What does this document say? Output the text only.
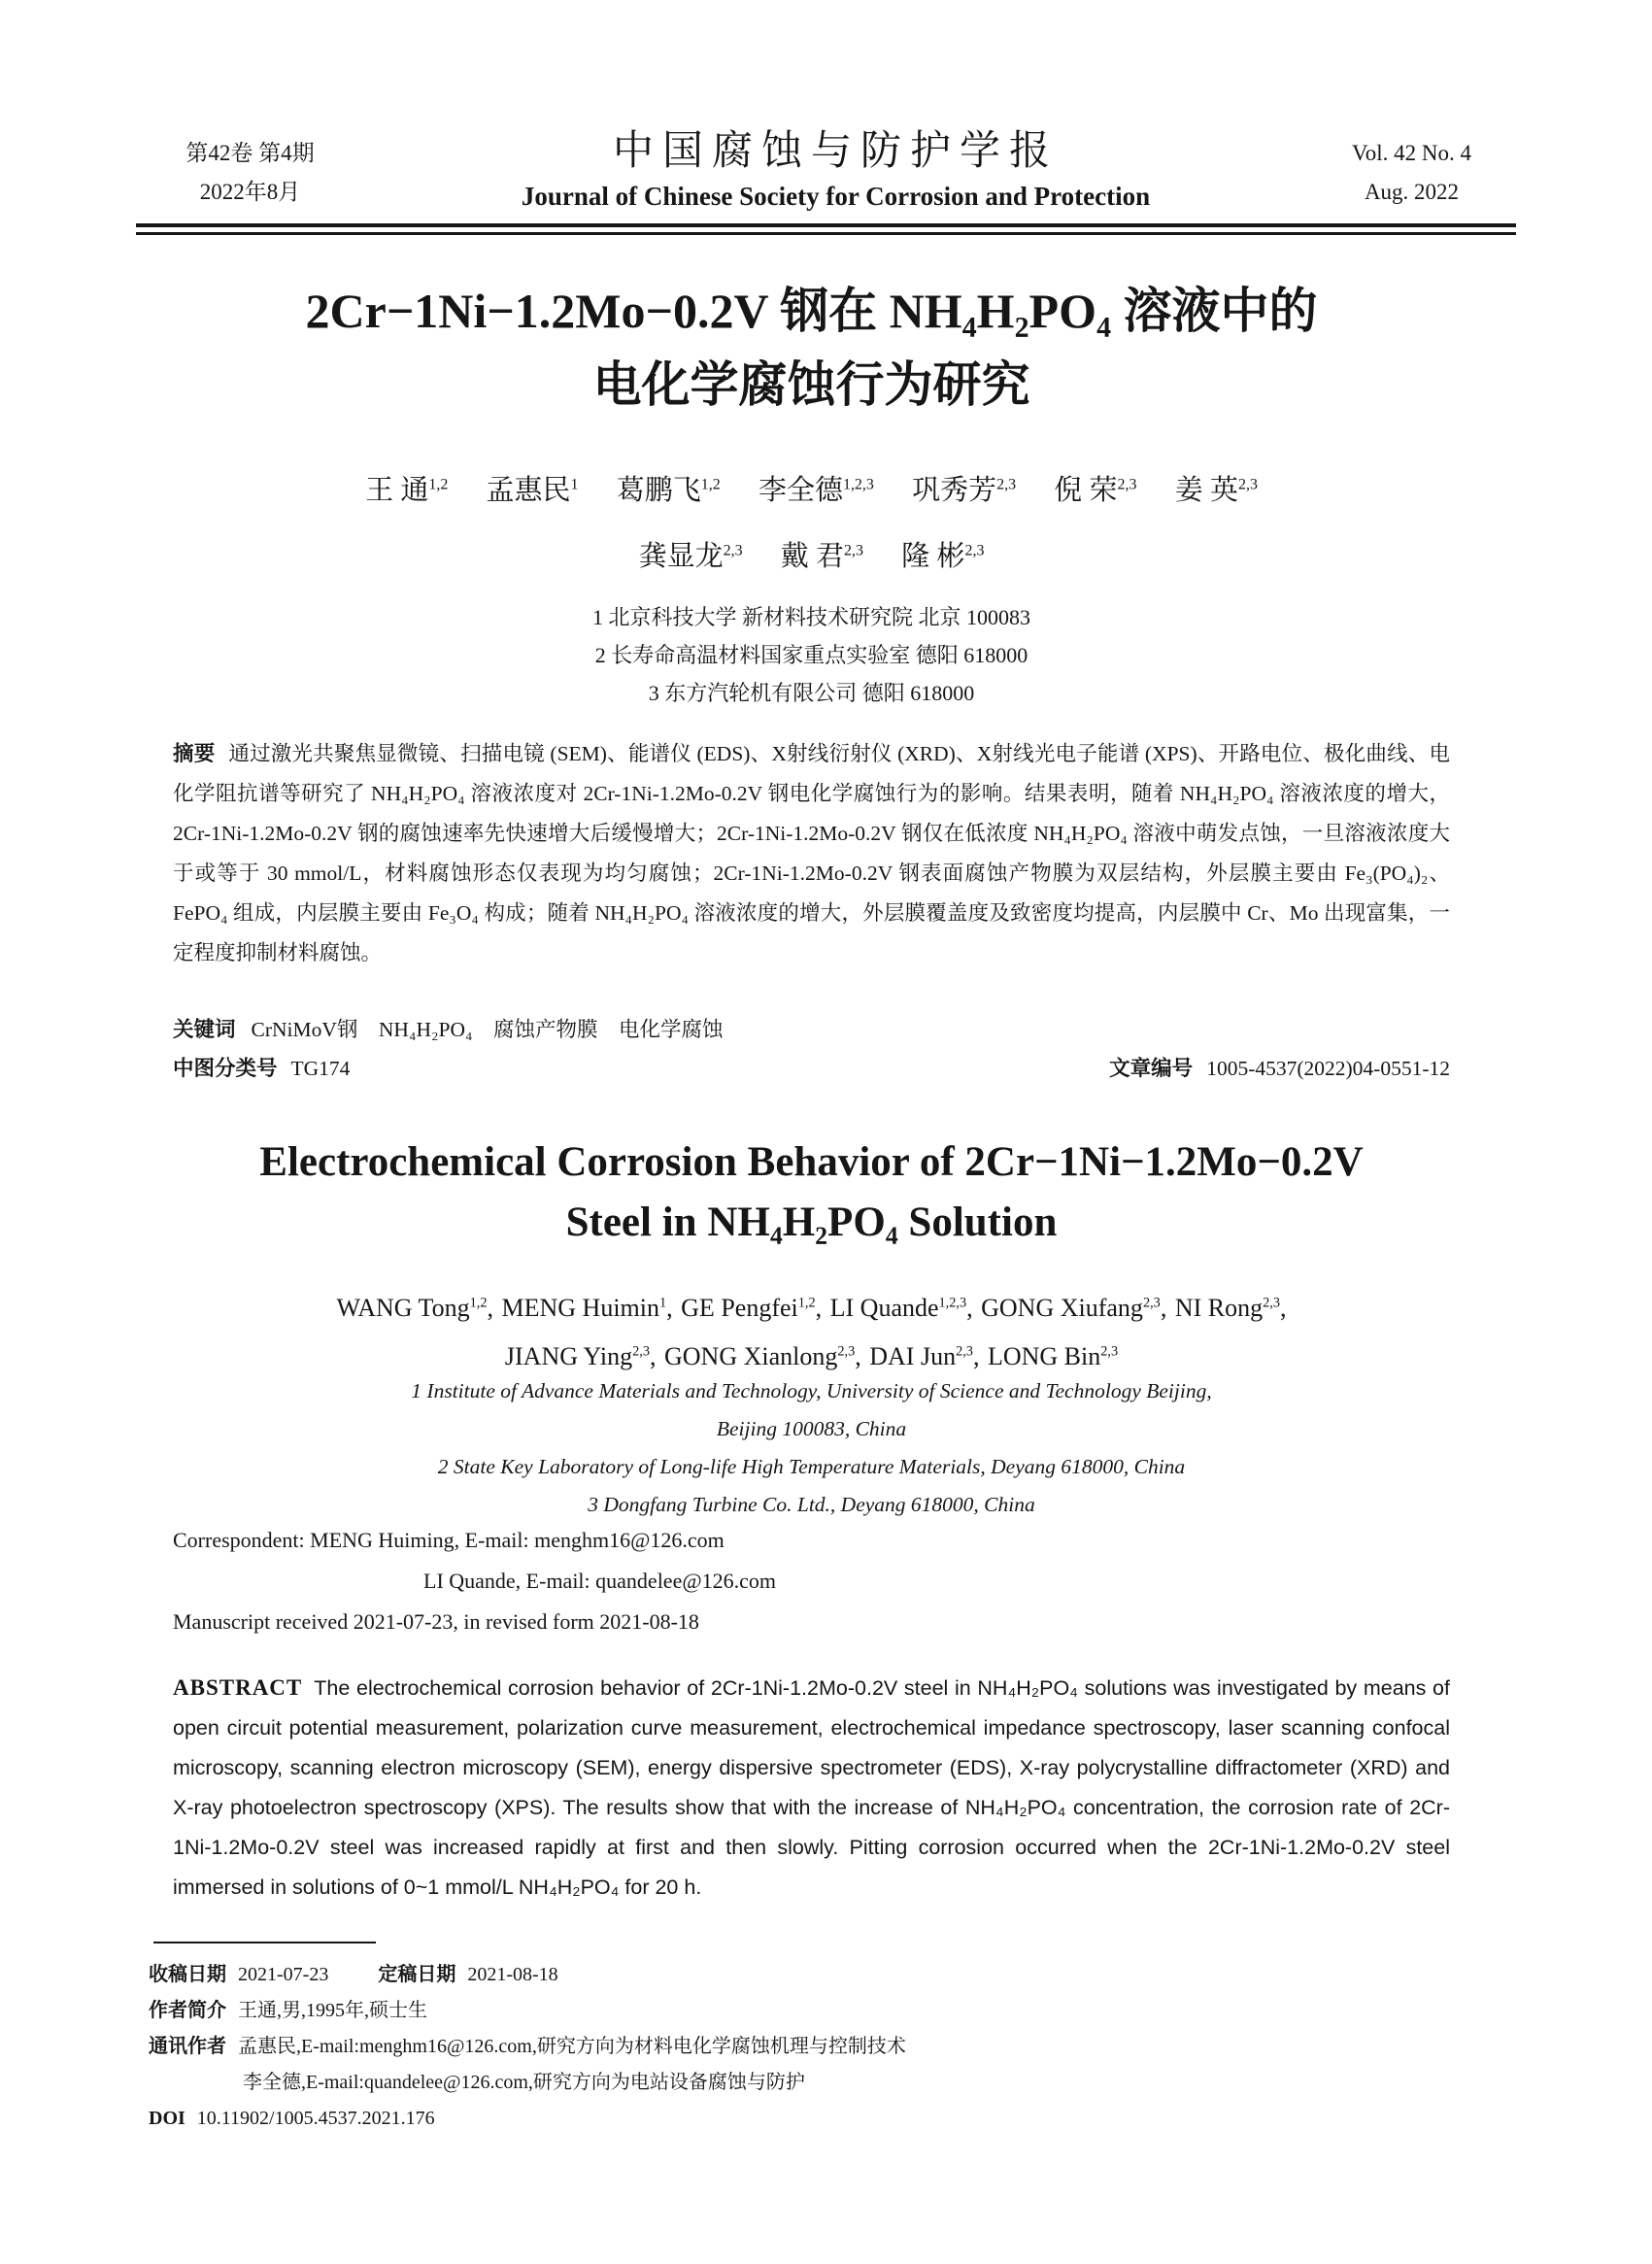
第42卷 第4期
2022年8月
中国腐蚀与防护学报
Journal of Chinese Society for Corrosion and Protection
Vol. 42 No. 4
Aug. 2022
2Cr−1Ni−1.2Mo−0.2V 钢在 NH₄H₂PO₄ 溶液中的
电化学腐蚀行为研究
王 通$^{1,2}$ 孟惠民$^1$ 葛鹏飞$^{1,2}$ 李全德$^{1,2,3}$ 巩秀芳$^{2,3}$ 倪 荣$^{2,3}$ 姜 英$^{2,3}$
龚显龙$^{2,3}$ 戴 君$^{2,3}$ 隆 彬$^{2,3}$
1 北京科技大学 新材料技术研究院 北京 100083
2 长寿命高温材料国家重点实验室 德阳 618000
3 东方汽轮机有限公司 德阳 618000

摘要 通过激光共聚焦显微镜、扫描电镜 (SEM)、能谱仪 (EDS)、X射线衍射仪 (XRD)、X射线光电子能谱 (XPS)、开路电位、极化曲线、电化学阻抗谱等研究了 NH₄H₂PO₄ 溶液浓度对 2Cr-1Ni-1.2Mo-0.2V 钢电化学腐蚀行为的影响。结果表明，随着 NH₄H₂PO₄ 溶液浓度的增大，2Cr-1Ni-1.2Mo-0.2V 钢的腐蚀速率先快速增大后缓慢增大；2Cr-1Ni-1.2Mo-0.2V 钢仅在低浓度 NH₄H₂PO₄ 溶液中萌发点蚀，一旦溶液浓度大于或等于 30 mmol/L，材料腐蚀形态仅表现为均匀腐蚀；2Cr-1Ni-1.2Mo-0.2V 钢表面腐蚀产物膜为双层结构，外层膜主要由 Fe₃(PO₄)₂、FePO₄ 组成，内层膜主要由 Fe₃O₄ 构成；随着 NH₄H₂PO₄ 溶液浓度的增大，外层膜覆盖度及致密度均提高，内层膜中 Cr、Mo 出现富集，一定程度抑制材料腐蚀。

关键词 CrNiMoV钢　NH₄H₂PO₄　腐蚀产物膜　电化学腐蚀

中图分类号 TG174	文章编号 1005-4537(2022)04-0551-12
Electrochemical Corrosion Behavior of 2Cr−1Ni−1.2Mo−0.2V
Steel in NH₄H₂PO₄ Solution
WANG Tong$^{1,2}$, MENG Huimin$^1$, GE Pengfei$^{1,2}$, LI Quande$^{1,2,3}$, GONG Xiufang$^{2,3}$, NI Rong$^{2,3}$,
JIANG Ying$^{2,3}$, GONG Xianlong$^{2,3}$, DAI Jun$^{2,3}$, LONG Bin$^{2,3}$
1 Institute of Advance Materials and Technology, University of Science and Technology Beijing,
Beijing 100083, China
2 State Key Laboratory of Long-life High Temperature Materials, Deyang 618000, China
3 Dongfang Turbine Co. Ltd., Deyang 618000, China
Correspondent: MENG Huiming, E-mail: menghm16@126.com
LI Quande, E-mail: quandelee@126.com
Manuscript received 2021-07-23, in revised form 2021-08-18

ABSTRACT The electrochemical corrosion behavior of 2Cr-1Ni-1.2Mo-0.2V steel in NH₄H₂PO₄ solutions was investigated by means of open circuit potential measurement, polarization curve measurement, electrochemical impedance spectroscopy, laser scanning confocal microscopy, scanning electron microscopy (SEM), energy dispersive spectrometer (EDS), X-ray polycrystalline diffractometer (XRD) and X-ray photoelectron spectroscopy (XPS). The results show that with the increase of NH₄H₂PO₄ concentration, the corrosion rate of 2Cr-1Ni-1.2Mo-0.2V steel was increased rapidly at first and then slowly. Pitting corrosion occurred when the 2Cr-1Ni-1.2Mo-0.2V steel immersed in solutions of 0~1 mmol/L NH₄H₂PO₄ for 20 h.

收稿日期 2021-07-23	定稿日期 2021-08-18
作者简介 王通,男,1995年,硕士生
通讯作者 孟惠民,E-mail:menghm16@126.com,研究方向为材料电化学腐蚀机理与控制技术
李全德,E-mail:quandelee@126.com,研究方向为电站设备腐蚀与防护
DOI 10.11902/1005.4537.2021.176
